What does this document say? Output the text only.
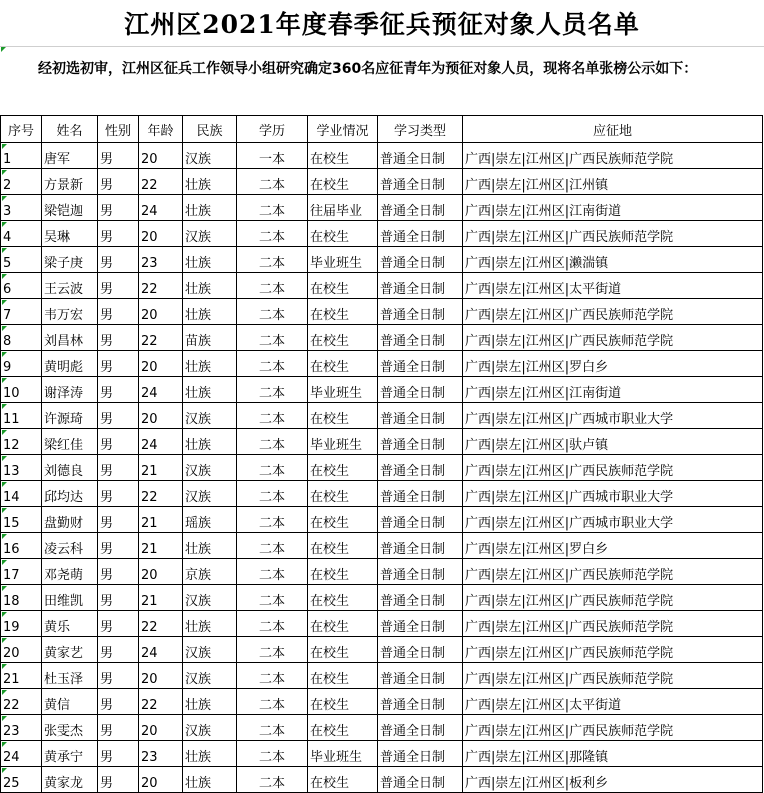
江州区2021年度春季征兵预征对象人员名单
经初选初审，江州区征兵工作领导小组研究确定360名应征青年为预征对象人员，现将名单张榜公示如下：
序号	姓名	性别	年龄	民族	学历	学业情况	学习类型	应征地
1	唐军	男	20	汉族	一本	在校生	普通全日制	广西|崇左|江州区|广西民族师范学院
2	方景新	男	22	壮族	二本	在校生	普通全日制	广西|崇左|江州区|江州镇
3	梁铠迦	男	24	壮族	二本	往届毕业	普通全日制	广西|崇左|江州区|江南街道
4	吴琳	男	20	汉族	二本	在校生	普通全日制	广西|崇左|江州区|广西民族师范学院
5	梁子庚	男	23	壮族	二本	毕业班生	普通全日制	广西|崇左|江州区|濑湍镇
6	王云波	男	22	壮族	二本	在校生	普通全日制	广西|崇左|江州区|太平街道
7	韦万宏	男	20	壮族	二本	在校生	普通全日制	广西|崇左|江州区|广西民族师范学院
8	刘昌林	男	22	苗族	二本	在校生	普通全日制	广西|崇左|江州区|广西民族师范学院
9	黄明彪	男	20	壮族	二本	在校生	普通全日制	广西|崇左|江州区|罗白乡
10	谢泽涛	男	24	壮族	二本	毕业班生	普通全日制	广西|崇左|江州区|江南街道
11	许源琦	男	20	汉族	二本	在校生	普通全日制	广西|崇左|江州区|广西城市职业大学
12	梁红佳	男	24	壮族	二本	毕业班生	普通全日制	广西|崇左|江州区|驮卢镇
13	刘德良	男	21	汉族	二本	在校生	普通全日制	广西|崇左|江州区|广西民族师范学院
14	邱均达	男	22	汉族	二本	在校生	普通全日制	广西|崇左|江州区|广西城市职业大学
15	盘勤财	男	21	瑶族	二本	在校生	普通全日制	广西|崇左|江州区|广西城市职业大学
16	凌云科	男	21	壮族	二本	在校生	普通全日制	广西|崇左|江州区|罗白乡
17	邓尧萌	男	20	京族	二本	在校生	普通全日制	广西|崇左|江州区|广西民族师范学院
18	田维凯	男	21	汉族	二本	在校生	普通全日制	广西|崇左|江州区|广西民族师范学院
19	黄乐	男	22	壮族	二本	在校生	普通全日制	广西|崇左|江州区|广西民族师范学院
20	黄家艺	男	24	汉族	二本	在校生	普通全日制	广西|崇左|江州区|广西民族师范学院
21	杜玉泽	男	20	汉族	二本	在校生	普通全日制	广西|崇左|江州区|广西民族师范学院
22	黄信	男	22	壮族	二本	在校生	普通全日制	广西|崇左|江州区|太平街道
23	张雯杰	男	20	汉族	二本	在校生	普通全日制	广西|崇左|江州区|广西民族师范学院
24	黄承宁	男	23	壮族	二本	毕业班生	普通全日制	广西|崇左|江州区|那隆镇
25	黄家龙	男	20	壮族	二本	在校生	普通全日制	广西|崇左|江州区|板利乡
